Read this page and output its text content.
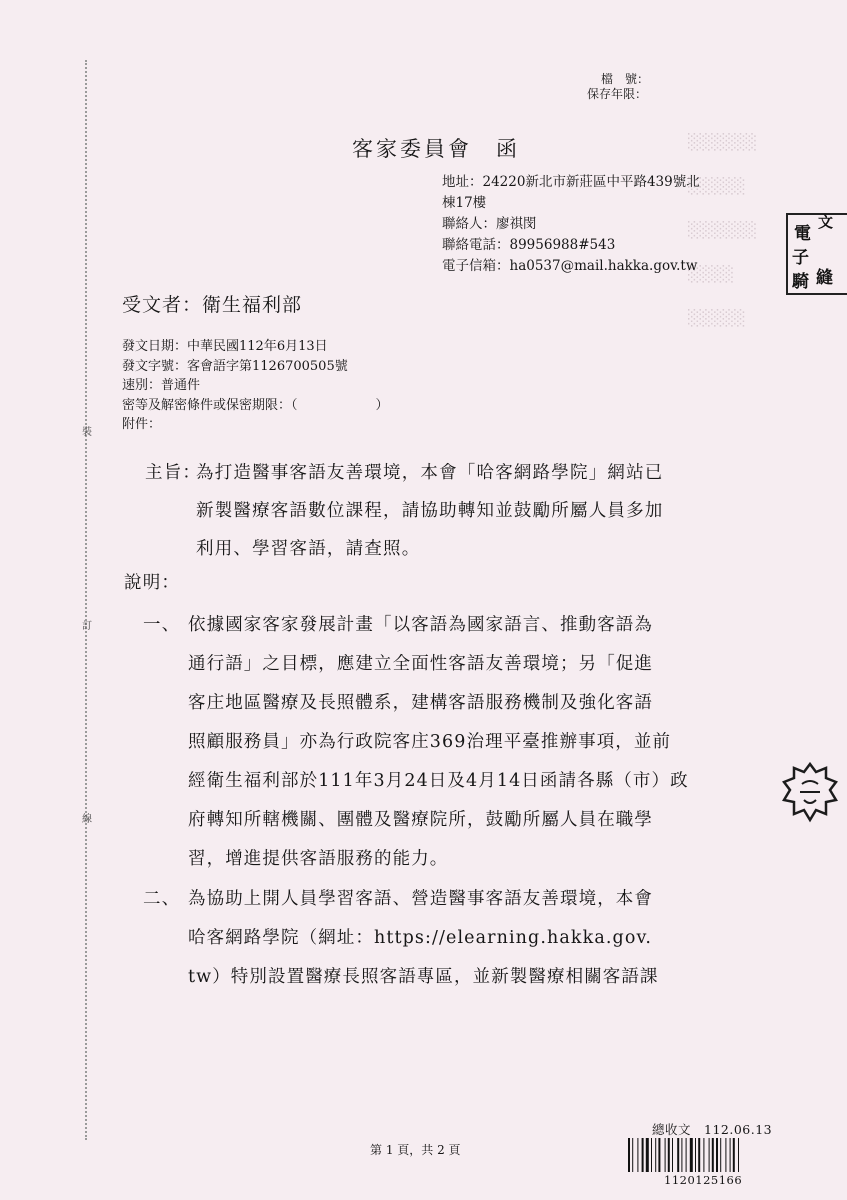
░░░░░░
░░░░░
░░░░░░
░░░░
░░░░░
裝
訂
線
檔　號：
保存年限：
客家委員會　函
地址：24220新北市新莊區中平路439號北
棟17樓
聯絡人：廖祺閔
聯絡電話：89956988#543
電子信箱：ha0537@mail.hakka.gov.tw
電
文
子
騎 縫
受文者：衛生福利部
發文日期：中華民國112年6月13日
發文字號：客會語字第1126700505號
速別：普通件
密等及解密條件或保密期限：（　　　　　　）
附件：
主旨：
為打造醫事客語友善環境，本會「哈客網路學院」網站已
新製醫療客語數位課程，請協助轉知並鼓勵所屬人員多加
利用、學習客語，請查照。
說明：
一、 依據國家客家發展計畫「以客語為國家語言、推動客語為
通行語」之目標，應建立全面性客語友善環境；另「促進
客庄地區醫療及長照體系，建構客語服務機制及強化客語
照顧服務員」亦為行政院客庄369治理平臺推辦事項，並前
經衛生福利部於111年3月24日及4月14日函請各縣（市）政
府轉知所轄機關、團體及醫療院所，鼓勵所屬人員在職學
習，增進提供客語服務的能力。
二、 為協助上開人員學習客語、營造醫事客語友善環境，本會
哈客網路學院（網址：https://elearning.hakka.gov.
tw）特別設置醫療長照客語專區，並新製醫療相關客語課
第 1 頁，共 2 頁
總收文　112.06.13
1120125166
